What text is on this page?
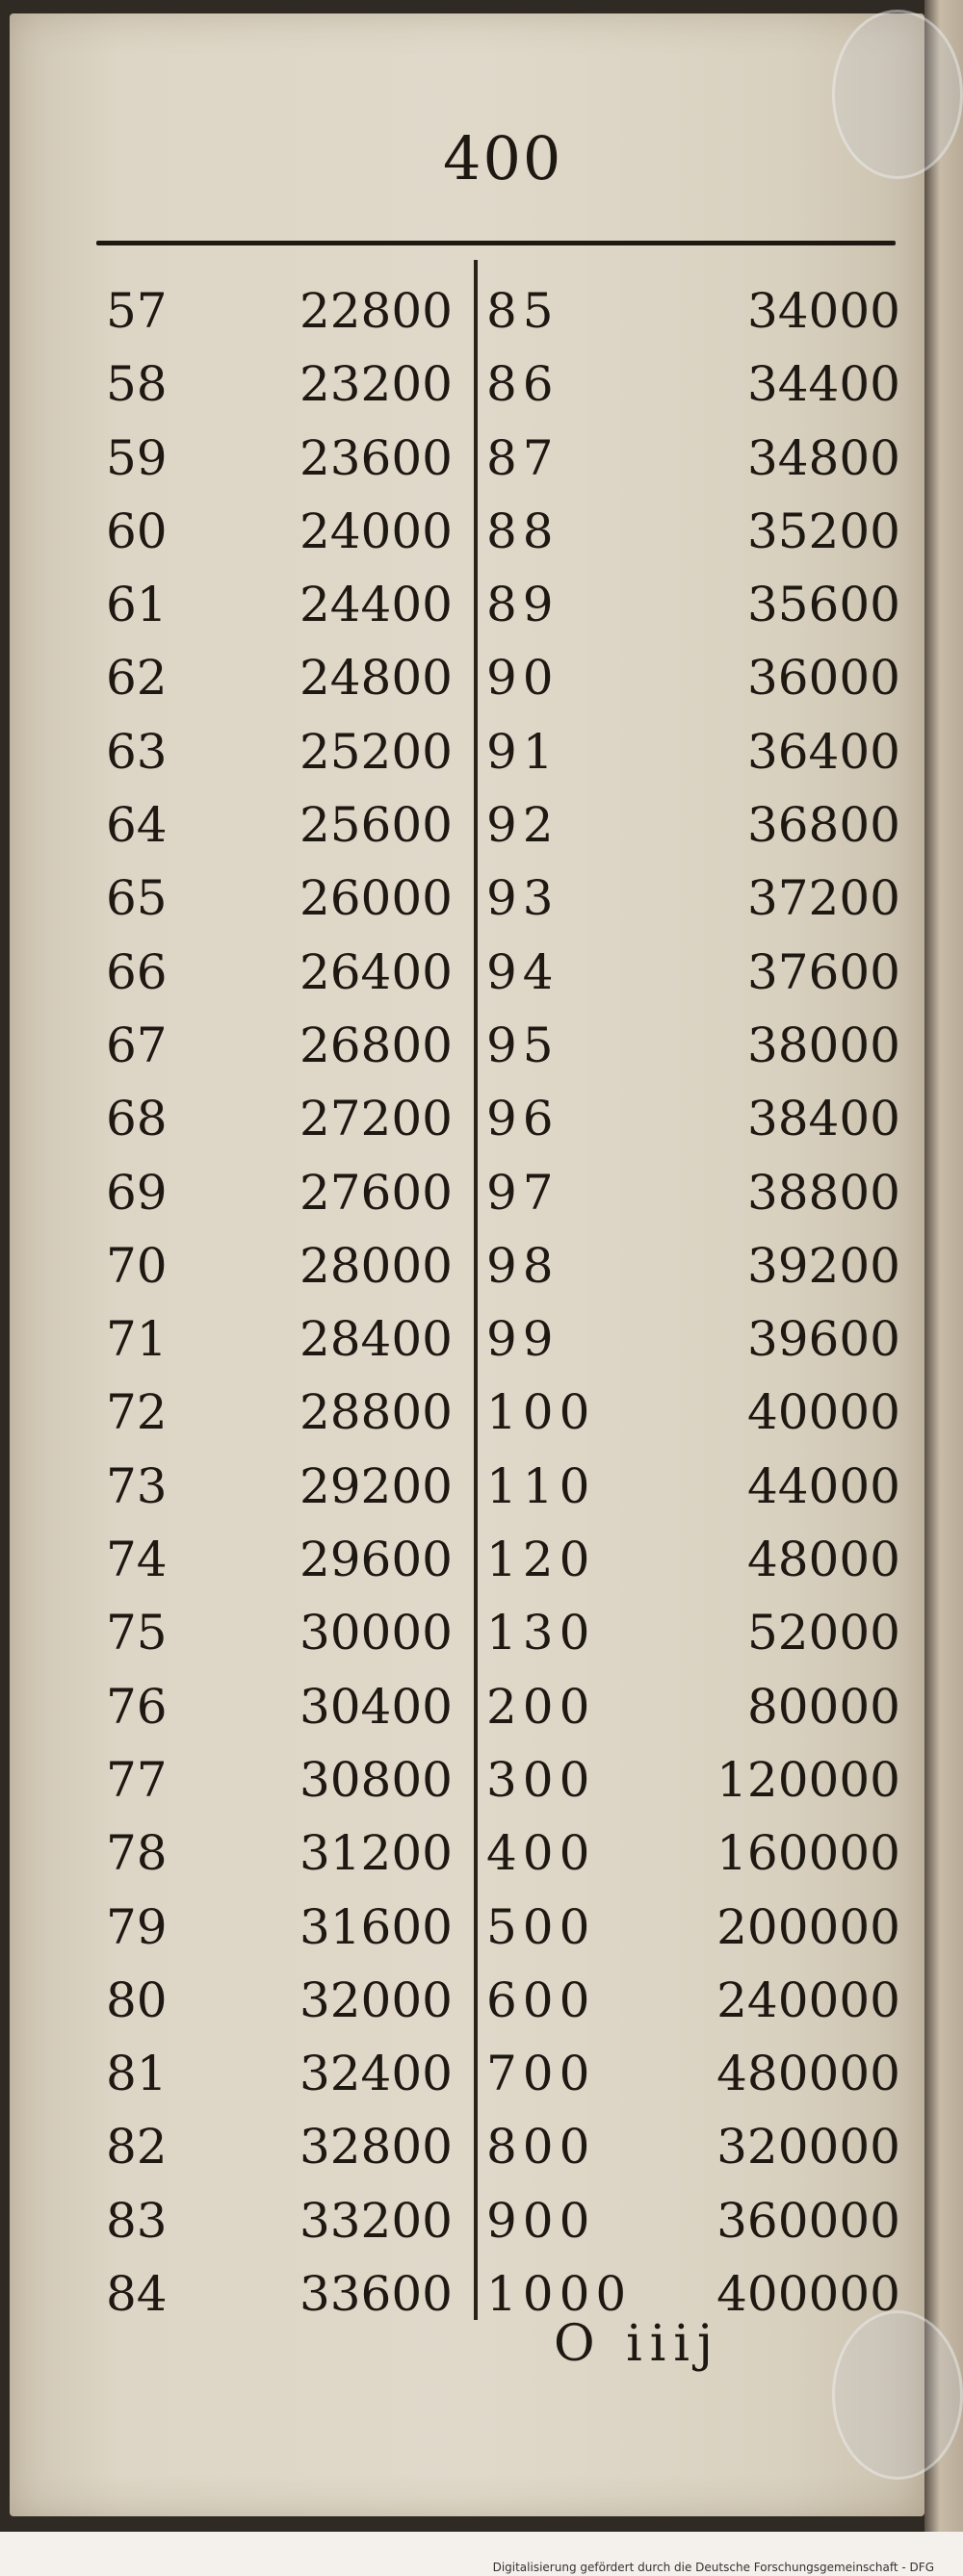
400
57	22800 85	34000
58	23200 86	34400
59	23600 87	34800
60	24000 88	35200
61	24400 89	35600
62	24800 90	36000
63	25200 91	36400
64	25600 92	36800
65	26000 93	37200
66	26400 94	37600
67	26800 95	38000
68	27200 96	38400
69	27600 97	38800
70	28000 98	39200
71	28400 99	39600
72	28800 100	40000
73	29200 110	44000
74	29600 120	48000
75	30000 130	52000
76	30400 200	80000
77	30800 300	120000
78	31200 400	160000
79	31600 500	200000
80	32000 600	240000
81	32400 700	480000
82	32800 800	320000
83	33200 900	360000
84	33600 1000	400000
O iiij
Digitalisierung gefördert durch die Deutsche Forschungsgemeinschaft - DFG
